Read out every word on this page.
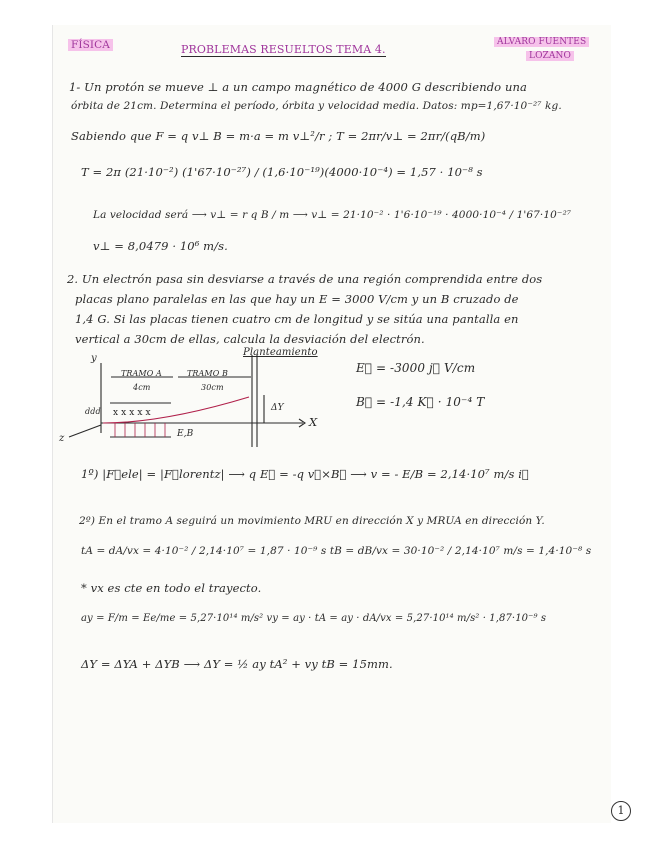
FÍSICA	PROBLEMAS RESUELTOS TEMA 4.
ALVARO FUENTES
LOZANO
1- Un protón se mueve ⊥ a un campo magnético de 4000 G describiendo una
órbita de 21cm. Determina el período, órbita y velocidad media. Datos: mp=1,67·10⁻²⁷ kg.
Sabiendo que F = q v⊥ B = m·a = m v⊥²/r ; T = 2πr/v⊥ = 2πr/(qB/m)
T = 2π (21·10⁻²) (1'67·10⁻²⁷) / (1,6·10⁻¹⁹)(4000·10⁻⁴) = 1,57 · 10⁻⁸ s
La velocidad será ⟶ v⊥ = r q B / m ⟶ v⊥ = 21·10⁻² · 1'6·10⁻¹⁹ · 4000·10⁻⁴ / 1'67·10⁻²⁷
v⊥ = 8,0479 · 10⁶ m/s.
2. Un electrón pasa sin desviarse a través de una región comprendida entre dos
placas plano paralelas en las que hay un E = 3000 V/cm y un B cruzado de
1,4 G. Si las placas tienen cuatro cm de longitud y se sitúa una pantalla en
vertical a 30cm de ellas, calcula la desviación del electrón.
y
X
z
TRAMO A
4cm
TRAMO B
30cm
Planteamiento
ΔY
E,B
ddd x x x x x
E⃗ = -3000 j⃗ V/cm
B⃗ = -1,4 K⃗ · 10⁻⁴ T
1º) |F⃗ele| = |F⃗lorentz| ⟶ q E⃗ = -q v⃗×B⃗ ⟶ v = - E/B = 2,14·10⁷ m/s i⃗
2º) En el tramo A seguirá un movimiento MRU en dirección X y MRUA en dirección Y.
tA = dA/vx = 4·10⁻² / 2,14·10⁷ = 1,87 · 10⁻⁹ s tB = dB/vx = 30·10⁻² / 2,14·10⁷ m/s = 1,4·10⁻⁸ s
* vx es cte en todo el trayecto.
ay = F/m = Ee/me = 5,27·10¹⁴ m/s² vy = ay · tA = ay · dA/vx = 5,27·10¹⁴ m/s² · 1,87·10⁻⁹ s
ΔY = ΔYA + ΔYB ⟶ ΔY = ½ ay tA² + vy tB = 15mm.
1
